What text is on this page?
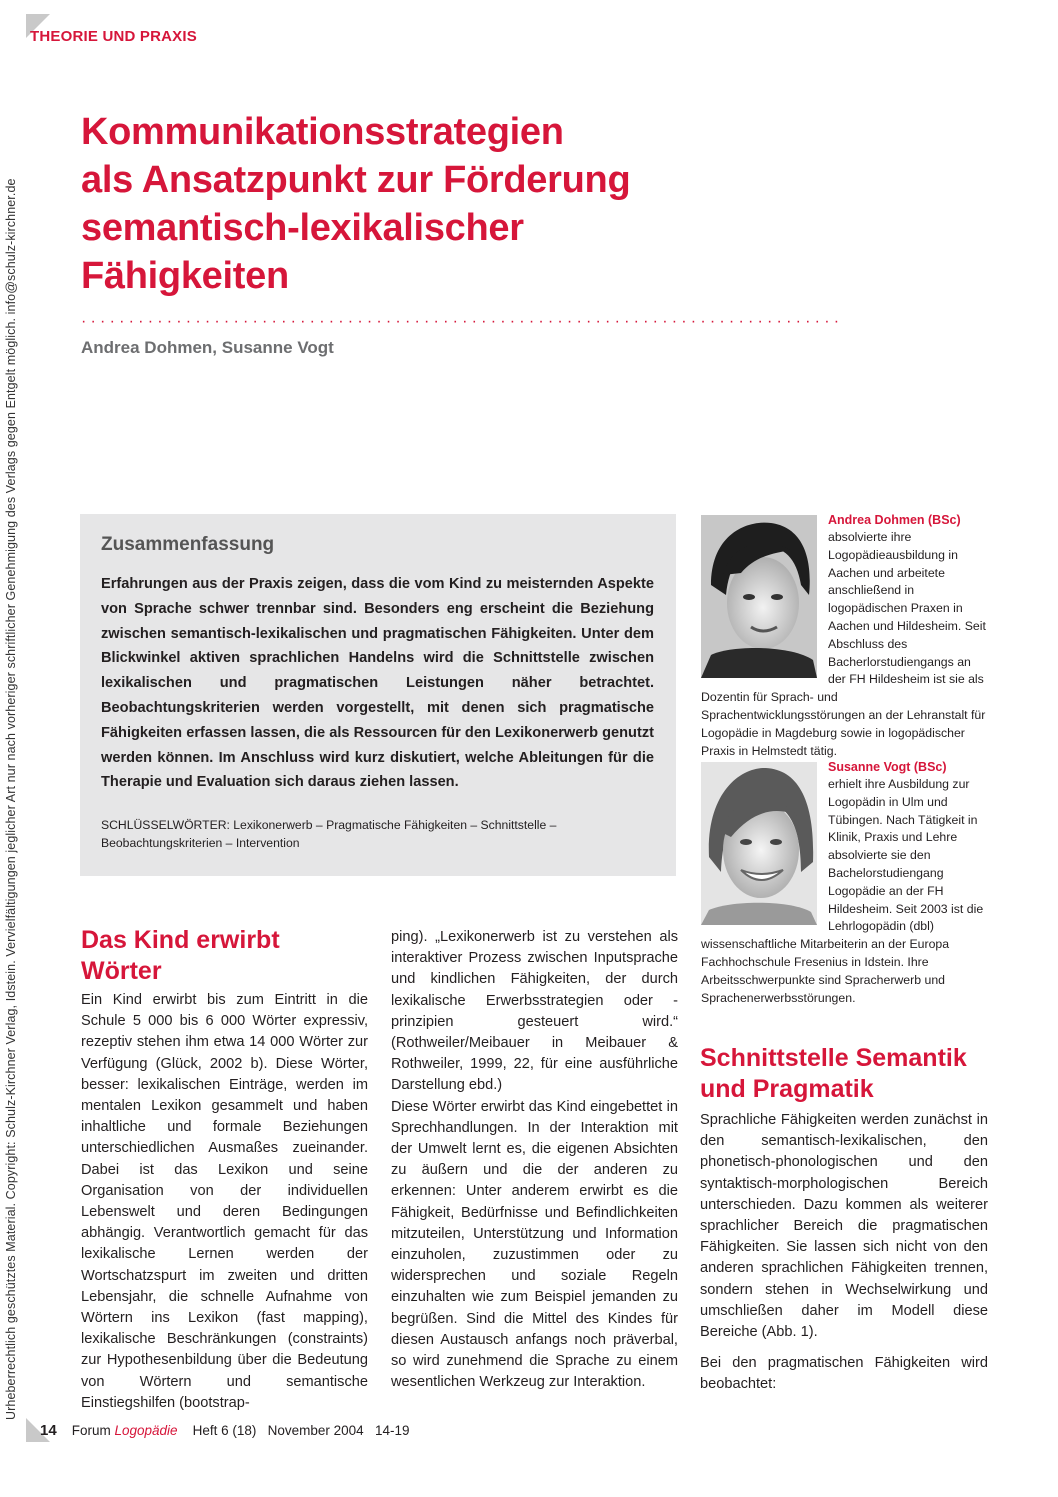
THEORIE UND PRAXIS
Urheberrechtlich geschütztes Material. Copyright: Schulz-Kirchner Verlag, Idstein. Vervielfältigungen jeglicher Art nur nach vorheriger schriftlicher Genehmigung des Verlags gegen Entgelt möglich. info@schulz-kirchner.de
Kommunikationsstrategien
als Ansatzpunkt zur Förderung
semantisch-lexikalischer
Fähigkeiten
················································································
Andrea Dohmen, Susanne Vogt
Zusammenfassung

Erfahrungen aus der Praxis zeigen, dass die vom Kind zu meisternden Aspekte von Sprache schwer trennbar sind. Besonders eng erscheint die Beziehung zwischen semantisch-lexikalischen und pragmatischen Fähigkeiten. Unter dem Blickwinkel aktiven sprachlichen Handelns wird die Schnittstelle zwischen lexikalischen und pragmatischen Leistungen näher betrachtet. Beobachtungskriterien werden vorgestellt, mit denen sich pragmatische Fähigkeiten erfassen lassen, die als Ressourcen für den Lexikonerwerb genutzt werden können. Im Anschluss wird kurz diskutiert, welche Ableitungen für die Therapie und Evaluation sich daraus ziehen lassen.

SCHLÜSSELWÖRTER: Lexikonerwerb – Pragmatische Fähigkeiten – Schnittstelle – Beobachtungskriterien – Intervention

Andrea Dohmen (BSc)
absolvierte ihre Logopädieausbildung in Aachen und arbeitete anschließend in logopädischen Praxen in Aachen und Hildesheim. Seit Abschluss des Bacherlorstudiengangs an der FH Hildesheim ist sie als Dozentin für Sprach- und Sprachentwicklungsstörungen an der Lehranstalt für Logopädie in Magdeburg sowie in logopädischer Praxis in Helmstedt tätig.
Susanne Vogt (BSc)
erhielt ihre Ausbildung zur Logopädin in Ulm und Tübingen. Nach Tätigkeit in Klinik, Praxis und Lehre absolvierte sie den Bachelorstudiengang Logopädie an der FH Hildesheim. Seit 2003 ist die Lehrlogopädin (dbl) wissenschaftliche Mitarbeiterin an der Europa Fachhochschule Fresenius in Idstein. Ihre Arbeitsschwerpunkte sind Spracherwerb und Sprachenerwerbsstörungen.
Das Kind erwirbt Wörter

Ein Kind erwirbt bis zum Eintritt in die Schule 5 000 bis 6 000 Wörter expressiv, rezeptiv stehen ihm etwa 14 000 Wörter zur Verfügung (Glück, 2002 b). Diese Wörter, besser: lexikalischen Einträge, werden im mentalen Lexikon gesammelt und haben inhaltliche und formale Beziehungen unterschiedlichen Ausmaßes zueinander. Dabei ist das Lexikon und seine Organisation von der individuellen Lebenswelt und deren Bedingungen abhängig. Verantwortlich gemacht für das lexikalische Lernen werden der Wortschatzspurt im zweiten und dritten Lebensjahr, die schnelle Aufnahme von Wörtern ins Lexikon (fast mapping), lexikalische Beschränkungen (constraints) zur Hypothesenbildung über die Bedeutung von Wörtern und semantische Einstiegshilfen (bootstrap-

ping). „Lexikonerwerb ist zu verstehen als interaktiver Prozess zwischen Inputsprache und kindlichen Fähigkeiten, der durch lexikalische Erwerbsstrategien oder -prinzipien gesteuert wird.“ (Rothweiler/Meibauer in Meibauer & Rothweiler, 1999, 22, für eine ausführliche Darstellung ebd.)

Diese Wörter erwirbt das Kind eingebettet in Sprechhandlungen. In der Interaktion mit der Umwelt lernt es, die eigenen Absichten zu äußern und die der anderen zu erkennen: Unter anderem erwirbt es die Fähigkeit, Bedürfnisse und Befindlichkeiten mitzuteilen, Unterstützung und Information einzuholen, zuzustimmen oder zu widersprechen und soziale Regeln einzuhalten wie zum Beispiel jemanden zu begrüßen. Sind die Mittel des Kindes für diesen Austausch anfangs noch präverbal, so wird zunehmend die Sprache zu einem wesentlichen Werkzeug zur Interaktion.

Schnittstelle Semantik und Pragmatik

Sprachliche Fähigkeiten werden zunächst in den semantisch-lexikalischen, den phonetisch-phonologischen und den syntaktisch-morphologischen Bereich unterschieden. Dazu kommen als weiterer sprachlicher Bereich die pragmatischen Fähigkeiten. Sie lassen sich nicht von den anderen sprachlichen Fähigkeiten trennen, sondern stehen in Wechselwirkung und umschließen daher im Modell diese Bereiche (Abb. 1).

Bei den pragmatischen Fähigkeiten wird beobachtet:

14 Forum Logopädie Heft 6 (18) November 2004 14-19
